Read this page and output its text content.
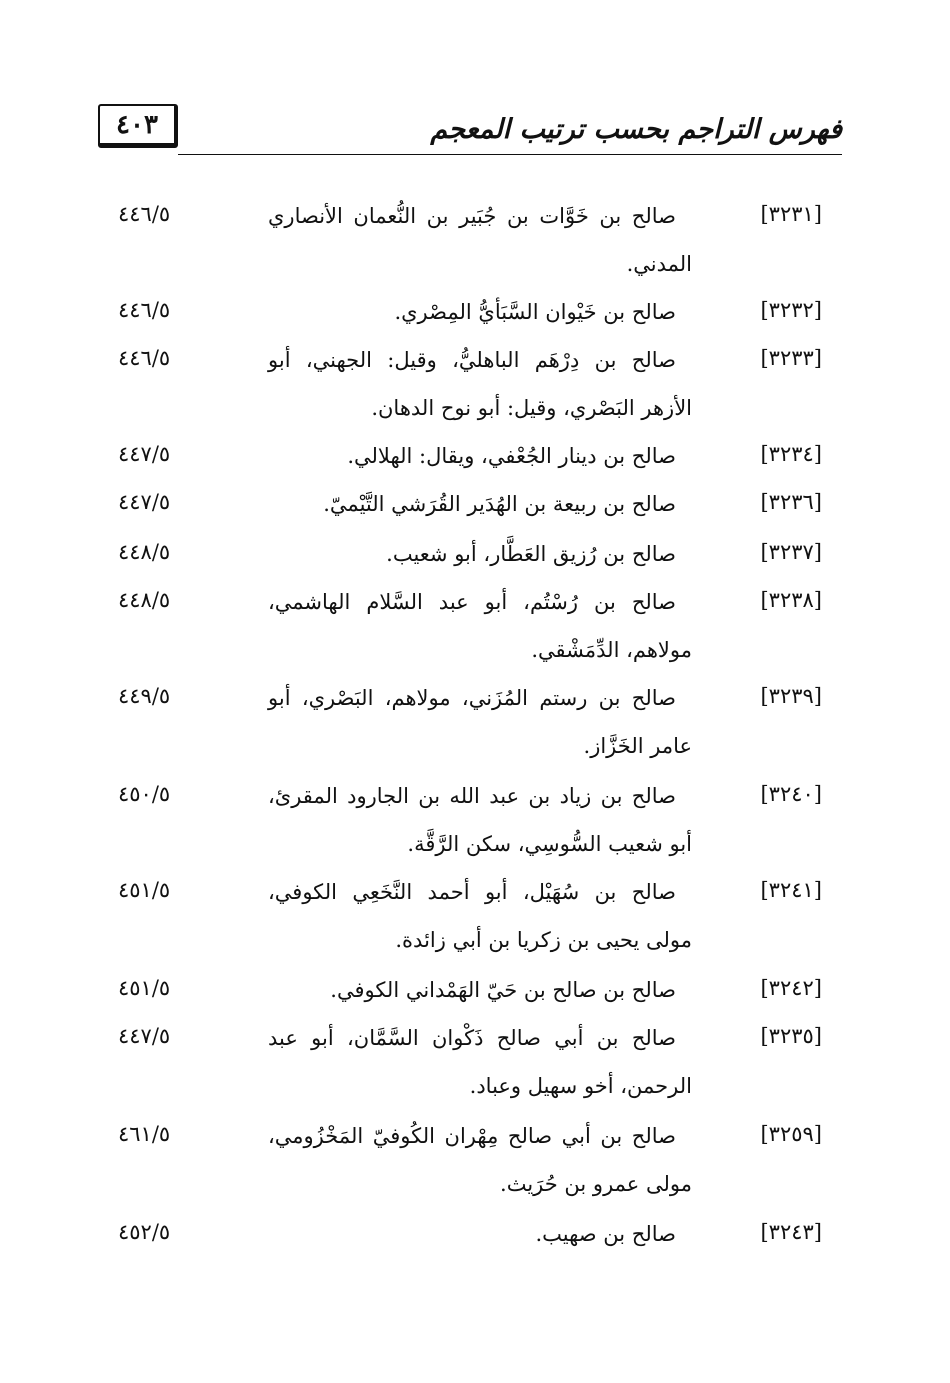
٤٠٣	فهرس التراجم بحسب ترتيب المعجم
[٣٢٣١]

صالح بن خَوَّات بن جُبَير بن النُّعمان الأنصاري المدني.

٤٤٦/٥
[٣٢٣٢]

صالح بن خَيْوان السَّبَأيُّ المِصْري.

٤٤٦/٥
[٣٢٣٣]

صالح بن دِرْهَم الباهليُّ، وقيل: الجهني، أبو الأزهر البَصْري، وقيل: أبو نوح الدهان.

٤٤٦/٥
[٣٢٣٤]

صالح بن دينار الجُعْفي، ويقال: الهلالي.

٤٤٧/٥
[٣٢٣٦]

صالح بن ربيعة بن الهُدَير القُرَشي التَّيْميّ.

٤٤٧/٥
[٣٢٣٧]

صالح بن رُزيق العَطَّار، أبو شعيب.

٤٤٨/٥
[٣٢٣٨]

صالح بن رُسْتُم، أبو عبد السَّلام الهاشمي، مولاهم، الدِّمَشْقي.

٤٤٨/٥
[٣٢٣٩]

صالح بن رستم المُزَني، مولاهم، البَصْري، أبو عامر الخَزَّاز.

٤٤٩/٥
[٣٢٤٠]

صالح بن زياد بن عبد الله بن الجارود المقرئ، أبو شعيب السُّوسِي، سكن الرَّقَّة.

٤٥٠/٥
[٣٢٤١]

صالح بن سُهَيْل، أبو أحمد النَّخَعِي الكوفي، مولى يحيى بن زكريا بن أبي زائدة.

٤٥١/٥
[٣٢٤٢]

صالح بن صالح بن حَيّ الهَمْداني الكوفي.

٤٥١/٥
[٣٢٣٥]

صالح بن أبي صالح ذَكْوان السَّمَّان، أبو عبد الرحمن، أخو سهيل وعباد.

٤٤٧/٥
[٣٢٥٩]

صالح بن أبي صالح مِهْران الكُوفيّ المَخْزُومي، مولى عمرو بن حُرَيث.

٤٦١/٥
[٣٢٤٣]

صالح بن صهيب.

٤٥٢/٥
